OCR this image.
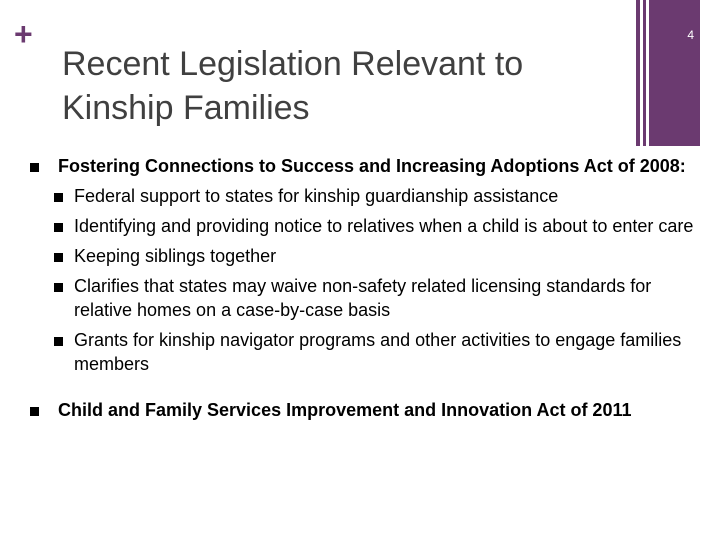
+
Recent Legislation Relevant to Kinship Families
4
Fostering Connections to Success and Increasing Adoptions Act of 2008:
Federal support to states for kinship guardianship assistance
Identifying and providing notice to relatives when a child is about to enter care
Keeping siblings together
Clarifies that states may waive non-safety related licensing standards for relative homes on a case-by-case basis
Grants for kinship navigator programs and other activities to engage families members
Child and Family Services Improvement and Innovation Act of 2011
